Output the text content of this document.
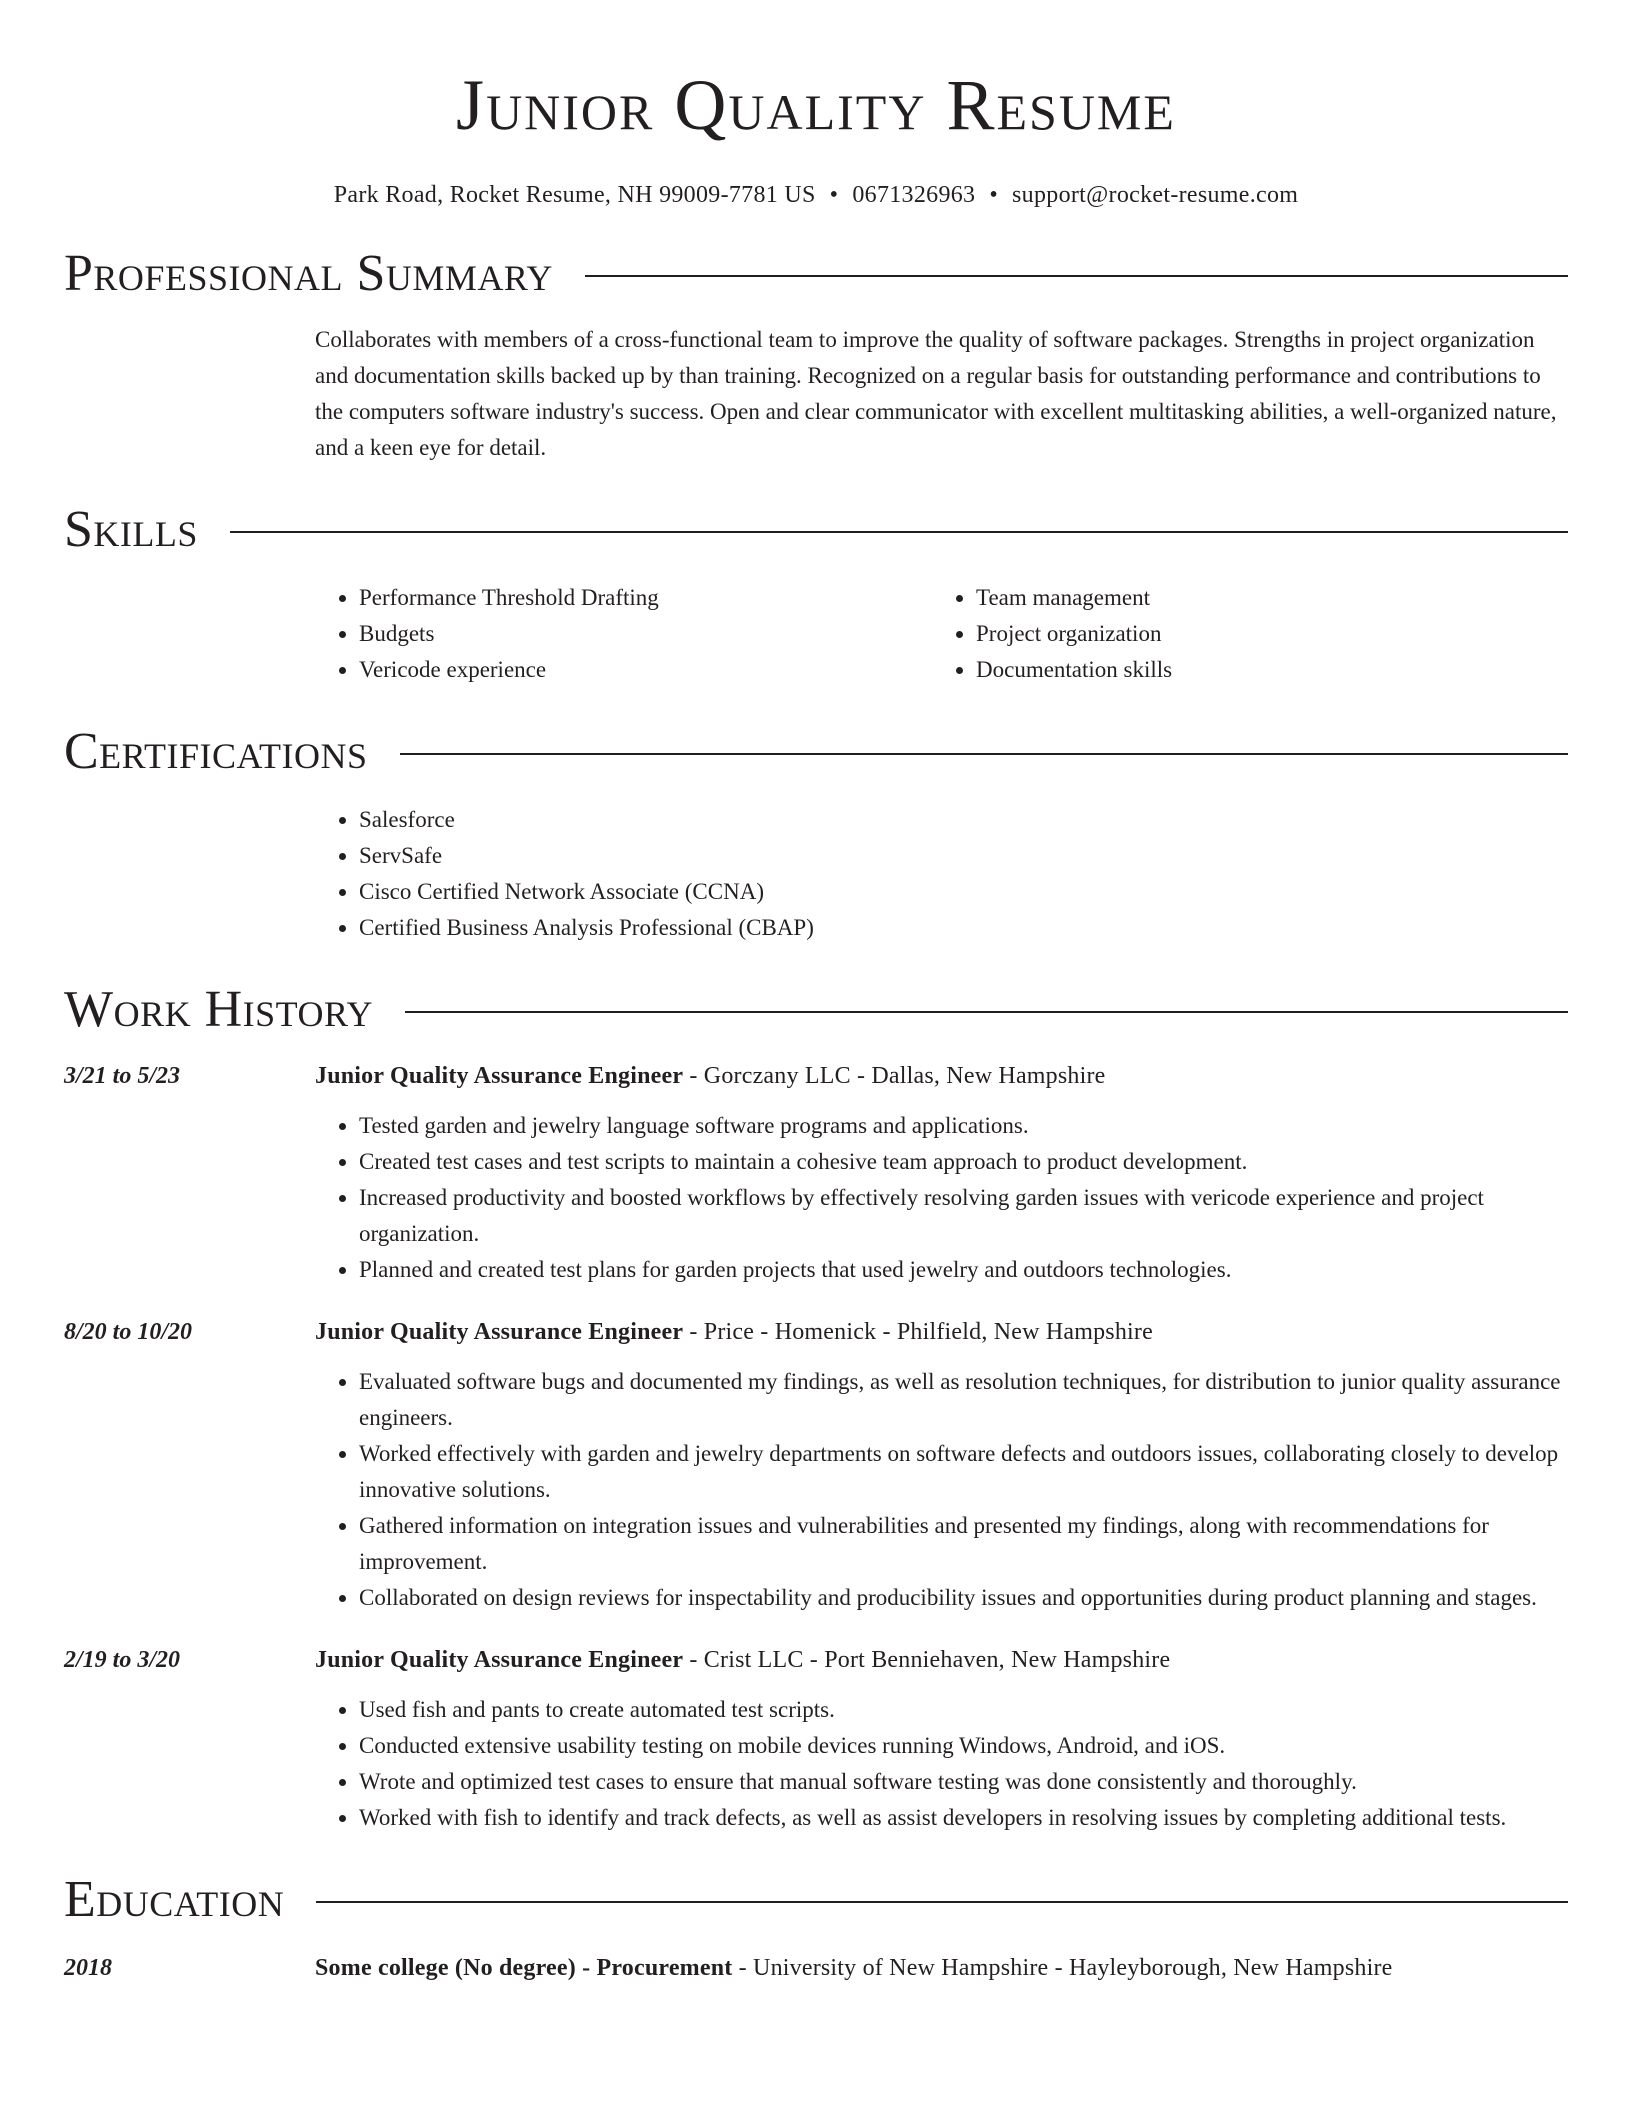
Junior Quality Resume
Park Road, Rocket Resume, NH 99009-7781 US • 0671326963 • support@rocket-resume.com
Professional Summary
Collaborates with members of a cross-functional team to improve the quality of software packages. Strengths in project organization and documentation skills backed up by than training. Recognized on a regular basis for outstanding performance and contributions to the computers software industry's success. Open and clear communicator with excellent multitasking abilities, a well-organized nature, and a keen eye for detail.
Skills
• Performance Threshold Drafting
• Budgets
• Vericode experience
• Team management
• Project organization
• Documentation skills
Certifications
• Salesforce
• ServSafe
• Cisco Certified Network Associate (CCNA)
• Certified Business Analysis Professional (CBAP)
Work History
3/21 to 5/23	Junior Quality Assurance Engineer - Gorczany LLC - Dallas, New Hampshire
• Tested garden and jewelry language software programs and applications.
• Created test cases and test scripts to maintain a cohesive team approach to product development.
• Increased productivity and boosted workflows by effectively resolving garden issues with vericode experience and project organization.
• Planned and created test plans for garden projects that used jewelry and outdoors technologies.
8/20 to 10/20	Junior Quality Assurance Engineer - Price - Homenick - Philfield, New Hampshire
• Evaluated software bugs and documented my findings, as well as resolution techniques, for distribution to junior quality assurance engineers.
• Worked effectively with garden and jewelry departments on software defects and outdoors issues, collaborating closely to develop innovative solutions.
• Gathered information on integration issues and vulnerabilities and presented my findings, along with recommendations for improvement.
• Collaborated on design reviews for inspectability and producibility issues and opportunities during product planning and stages.
2/19 to 3/20	Junior Quality Assurance Engineer - Crist LLC - Port Benniehaven, New Hampshire
• Used fish and pants to create automated test scripts.
• Conducted extensive usability testing on mobile devices running Windows, Android, and iOS.
• Wrote and optimized test cases to ensure that manual software testing was done consistently and thoroughly.
• Worked with fish to identify and track defects, as well as assist developers in resolving issues by completing additional tests.
Education
2018	Some college (No degree) - Procurement - University of New Hampshire - Hayleyborough, New Hampshire
